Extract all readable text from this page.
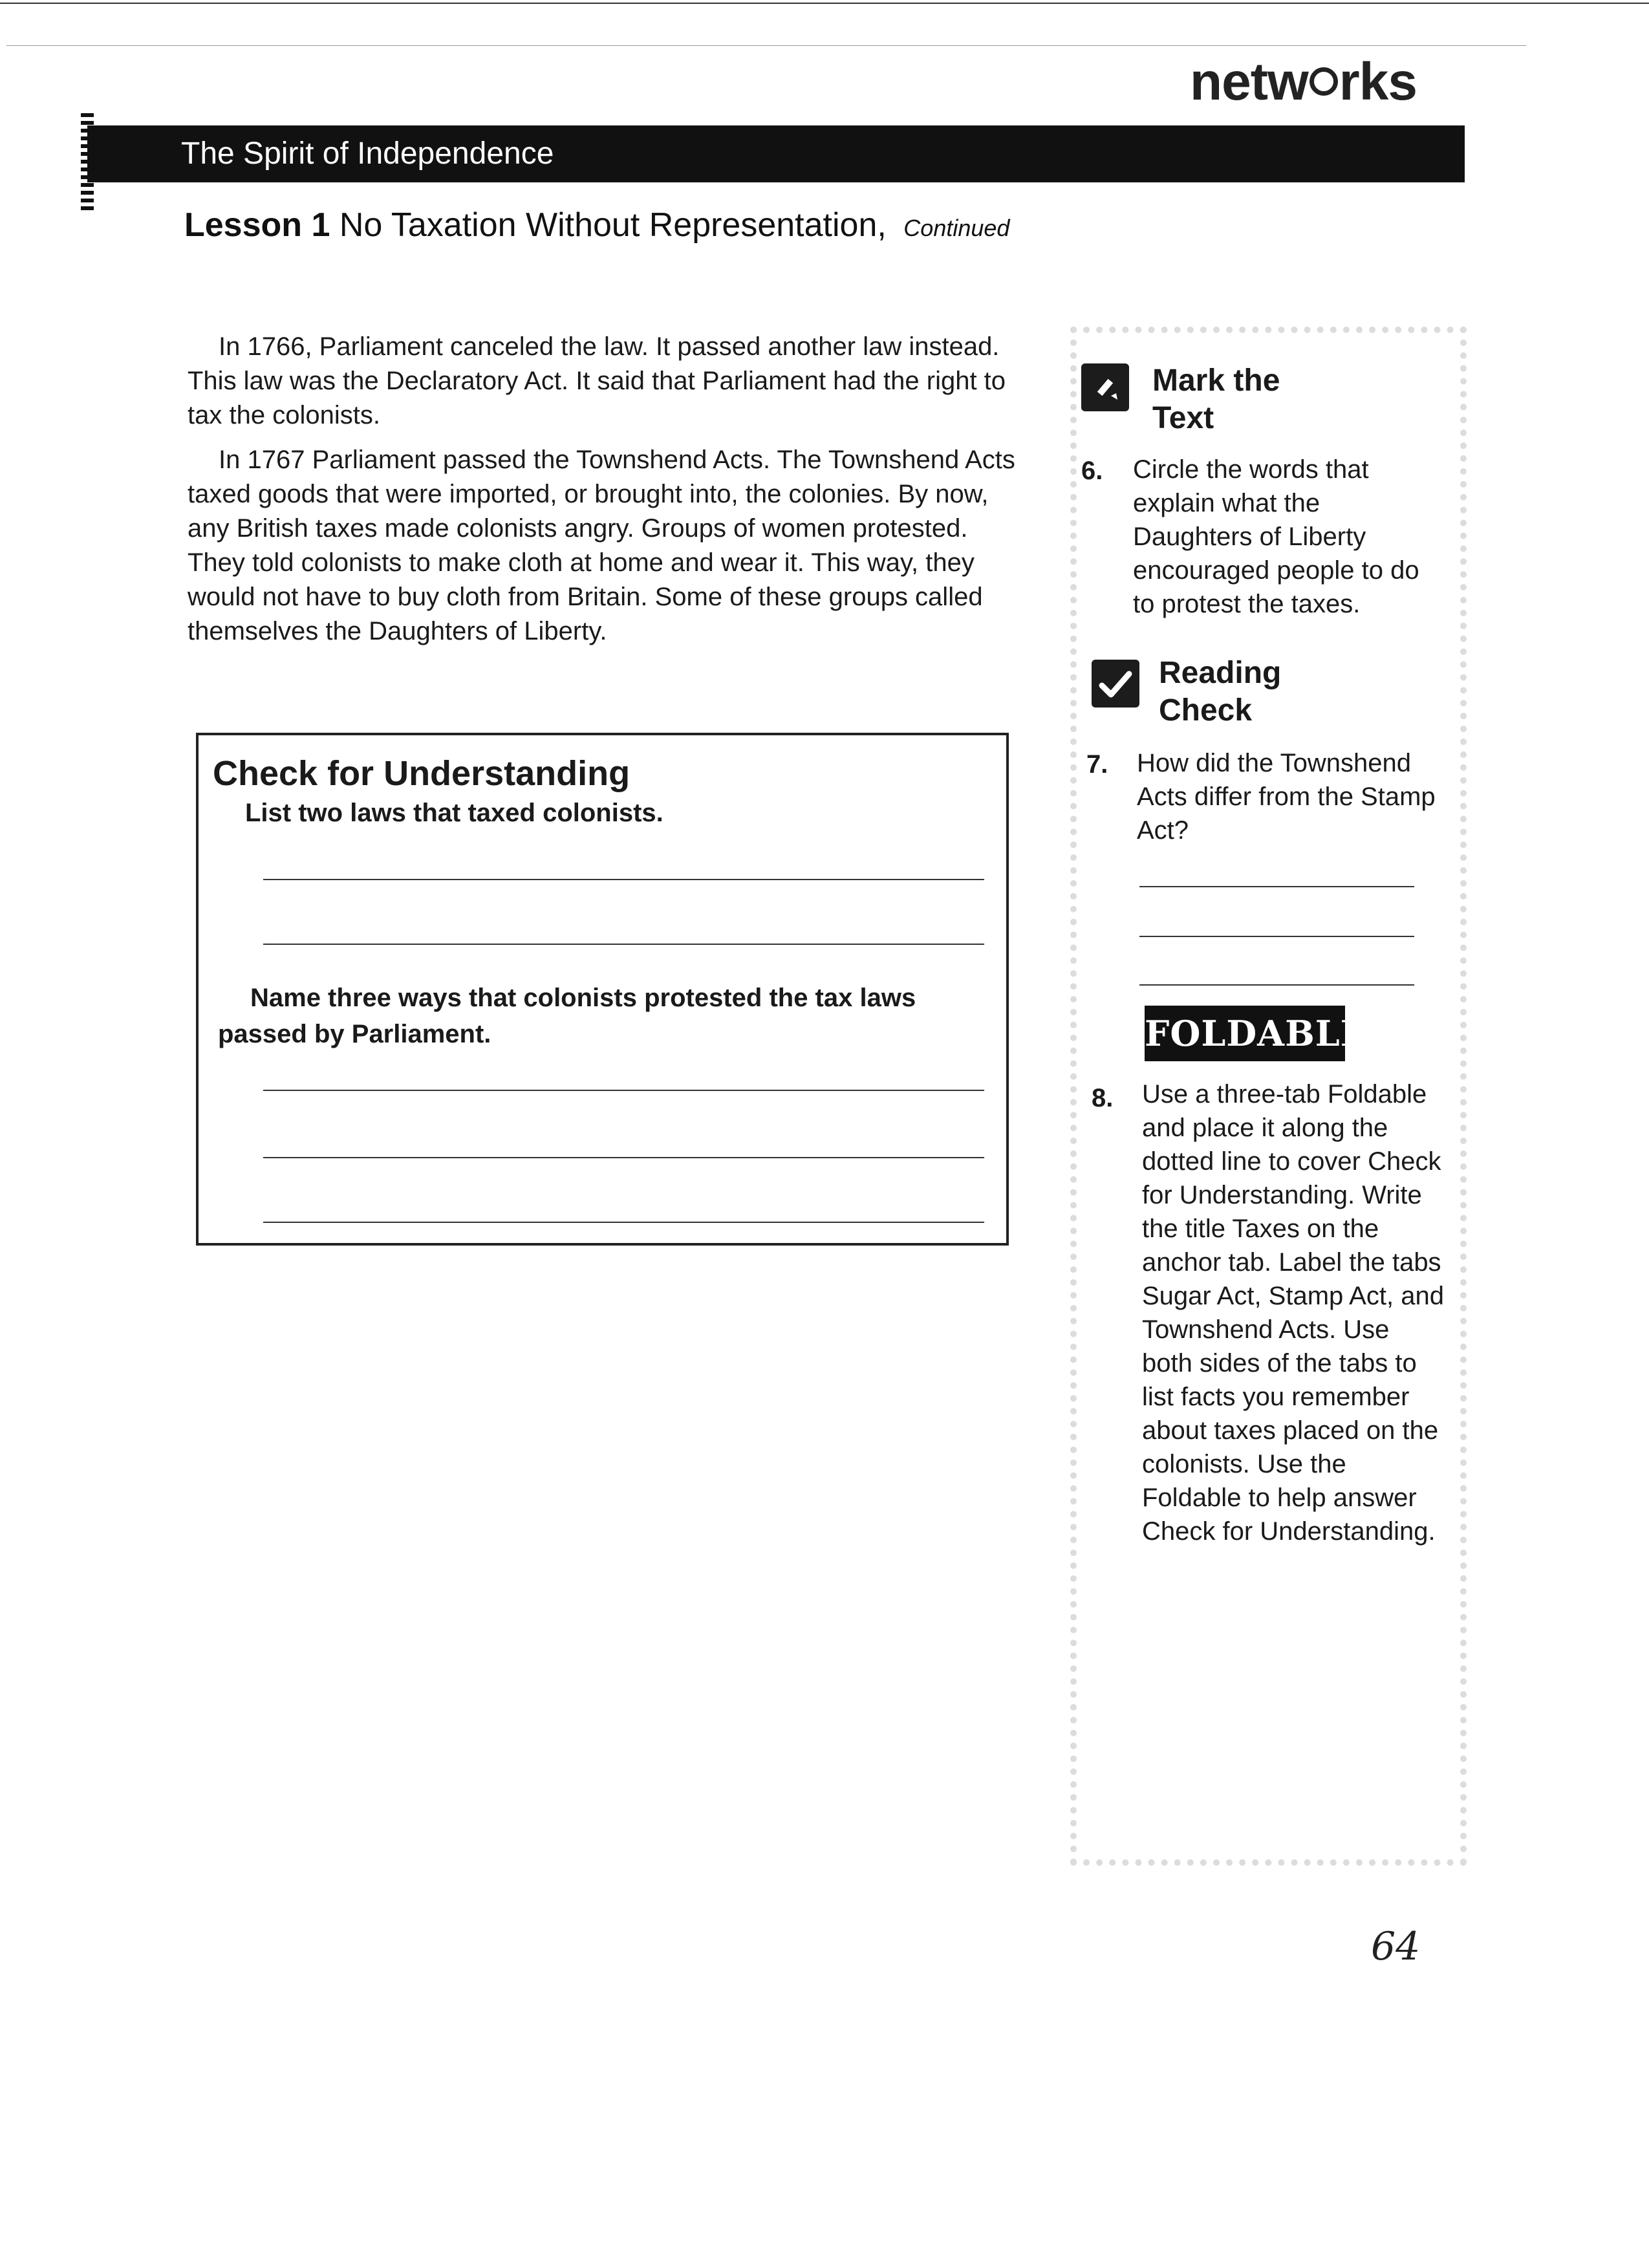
netw rks
The Spirit of Independence
Lesson 1 No Taxation Without Representation, Continued

In 1766, Parliament canceled the law. It passed another law instead. This law was the Declaratory Act. It said that Parliament had the right to tax the colonists.

In 1767 Parliament passed the Townshend Acts. The Townshend Acts taxed goods that were imported, or brought into, the colonies. By now, any British taxes made colonists angry. Groups of women protested. They told colonists to make cloth at home and wear it. This way, they would not have to buy cloth from Britain. Some of these groups called themselves the Daughters of Liberty.

Check for Understanding
List two laws that taxed colonists.
Name three ways that colonists protested the tax laws passed by Parliament.
Mark the
Text
6. Circle the words that explain what the Daughters of Liberty encouraged people to do to protest the taxes.
Reading
Check
7. How did the Townshend Acts differ from the Stamp Act?
FOLDABLES
8. Use a three-tab Foldable and place it along the dotted line to cover Check for Understanding. Write the title Taxes on the anchor tab. Label the tabs Sugar Act, Stamp Act, and Townshend Acts. Use both sides of the tabs to list facts you remember about taxes placed on the colonists. Use the Foldable to help answer Check for Understanding.
64
